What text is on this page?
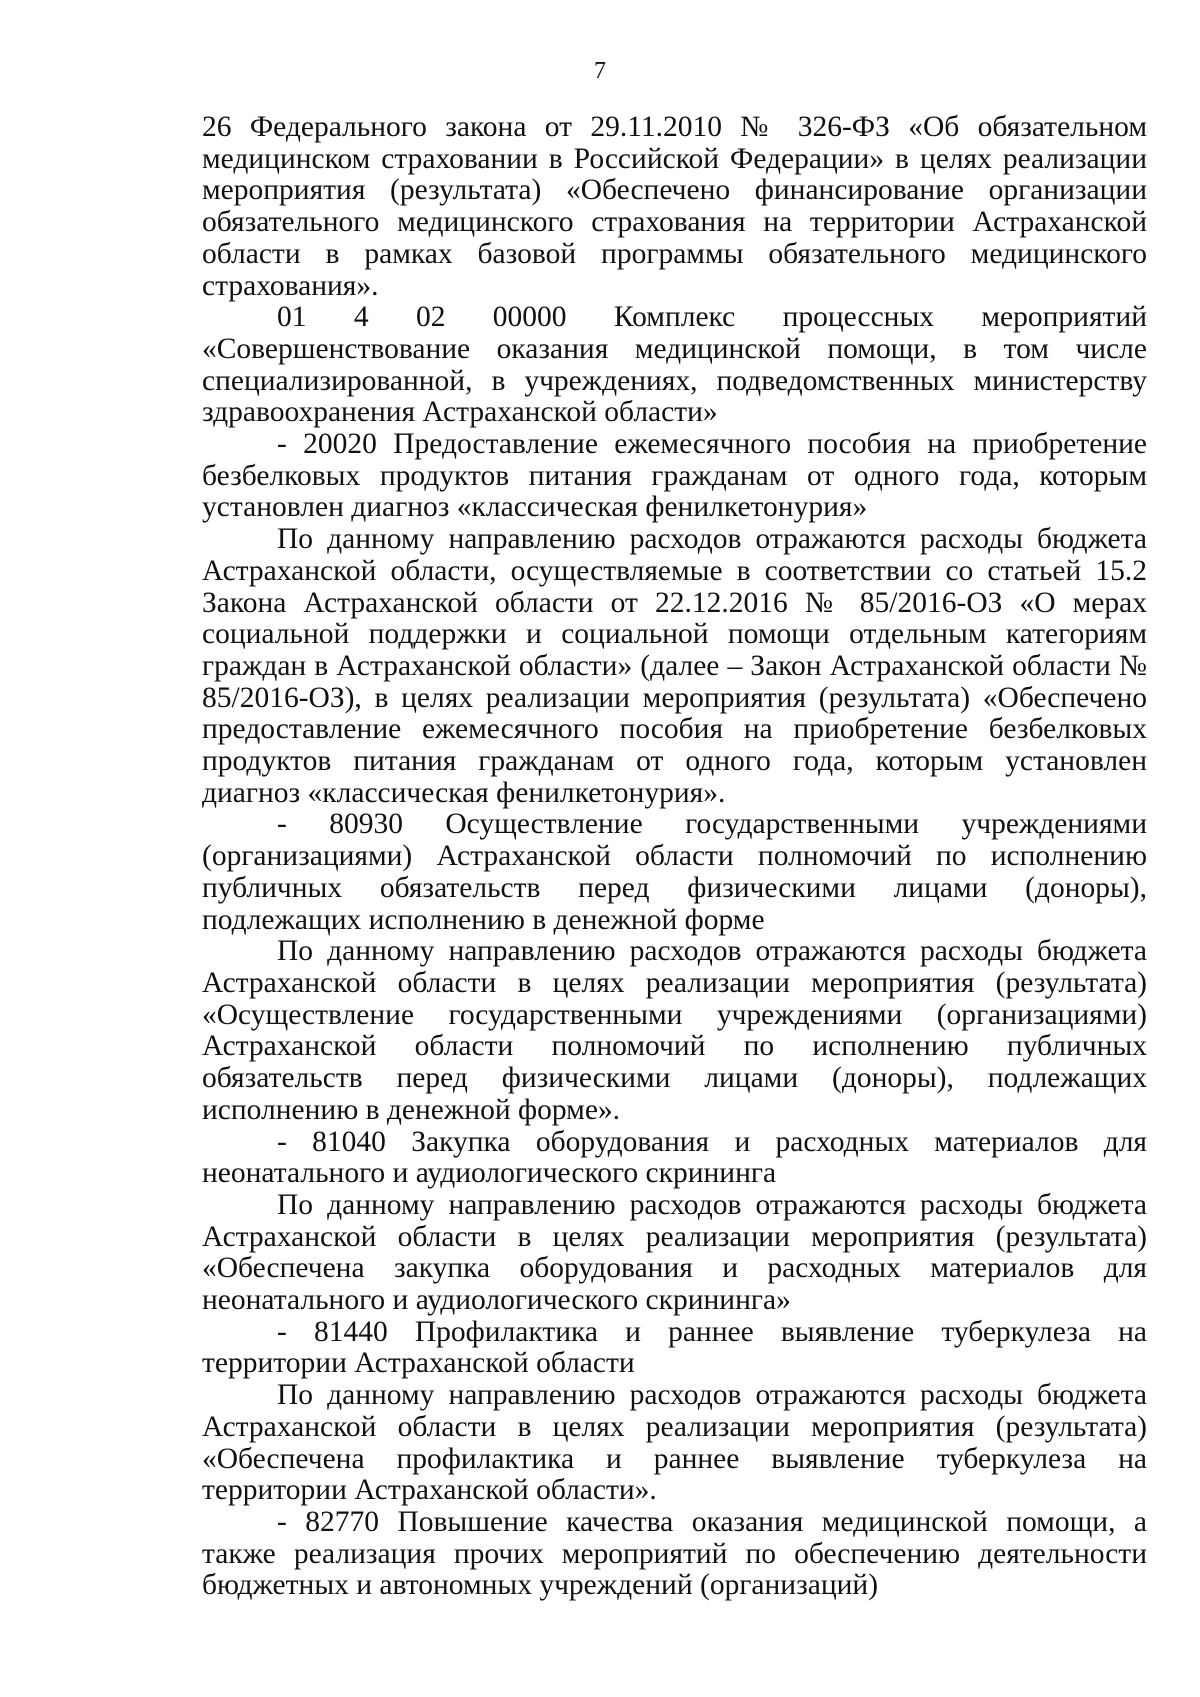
7

26 Федерального закона от 29.11.2010 № 326-ФЗ «Об обязательном медицинском страховании в Российской Федерации» в целях реализации мероприятия (результата) «Обеспечено финансирование организации обязательного медицинского страхования на территории Астраханской области в рамках базовой программы обязательного медицинского страхования».

01 4 02 00000 Комплекс процессных мероприятий «Совершенствование оказания медицинской помощи, в том числе специализированной, в учреждениях, подведомственных министерству здравоохранения Астраханской области»

- 20020 Предоставление ежемесячного пособия на приобретение безбелковых продуктов питания гражданам от одного года, которым установлен диагноз «классическая фенилкетонурия»

По данному направлению расходов отражаются расходы бюджета Астраханской области, осуществляемые в соответствии со статьей 15.2 Закона Астраханской области от 22.12.2016 № 85/2016-ОЗ «О мерах социальной поддержки и социальной помощи отдельным категориям граждан в Астраханской области» (далее – Закон Астраханской области № 85/2016-ОЗ), в целях реализации мероприятия (результата) «Обеспечено предоставление ежемесячного пособия на приобретение безбелковых продуктов питания гражданам от одного года, которым установлен диагноз «классическая фенилкетонурия».

- 80930 Осуществление государственными учреждениями (организациями) Астраханской области полномочий по исполнению публичных обязательств перед физическими лицами (доноры), подлежащих исполнению в денежной форме

По данному направлению расходов отражаются расходы бюджета Астраханской области в целях реализации мероприятия (результата) «Осуществление государственными учреждениями (организациями) Астраханской области полномочий по исполнению публичных обязательств перед физическими лицами (доноры), подлежащих исполнению в денежной форме».

- 81040 Закупка оборудования и расходных материалов для неонатального и аудиологического скрининга

По данному направлению расходов отражаются расходы бюджета Астраханской области в целях реализации мероприятия (результата) «Обеспечена закупка оборудования и расходных материалов для неонатального и аудиологического скрининга»

- 81440 Профилактика и раннее выявление туберкулеза на территории Астраханской области

По данному направлению расходов отражаются расходы бюджета Астраханской области в целях реализации мероприятия (результата) «Обеспечена профилактика и раннее выявление туберкулеза на территории Астраханской области».

- 82770 Повышение качества оказания медицинской помощи, а также реализация прочих мероприятий по обеспечению деятельности бюджетных и автономных учреждений (организаций)
